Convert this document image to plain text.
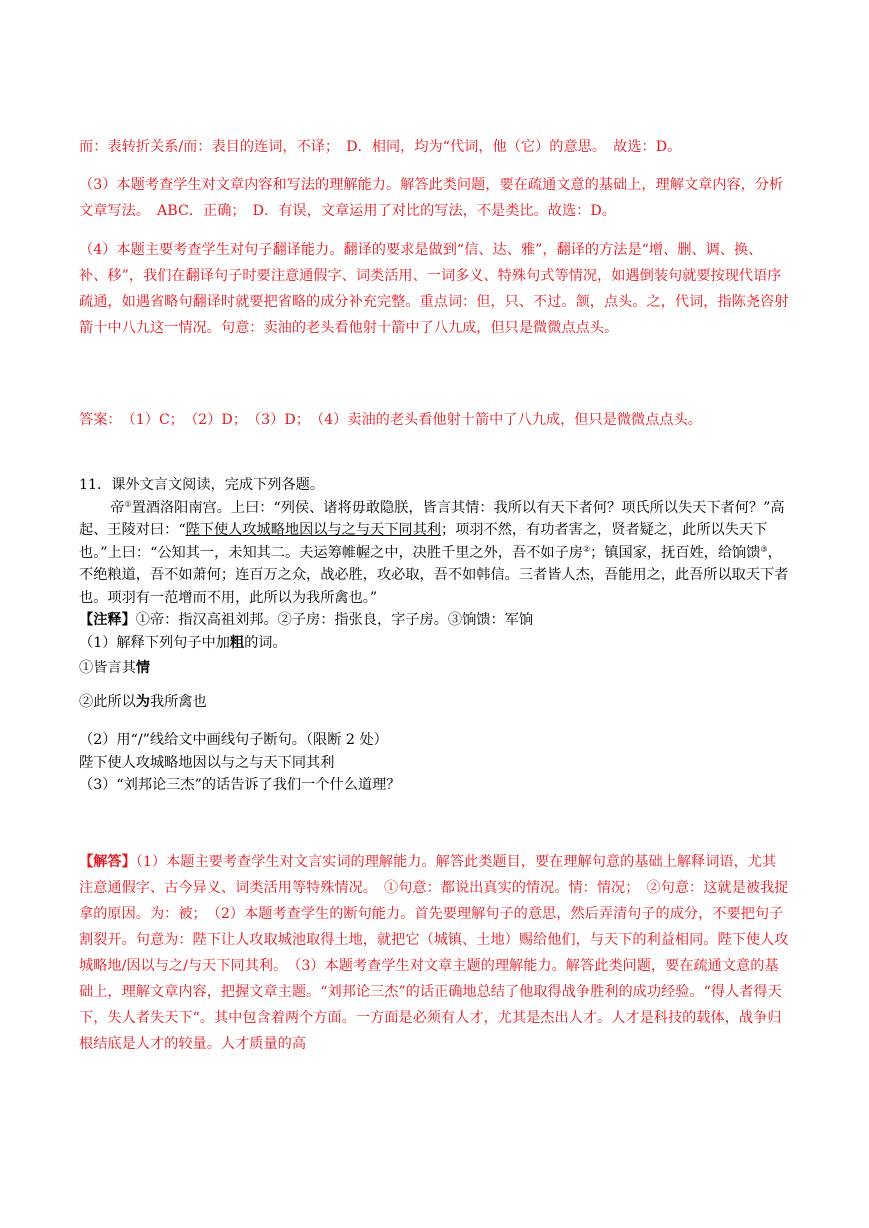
而：表转折关系/而：表目的连词，不译；　D．相同，均为“代词，他（它）的意思。　故选：D。

（3）本题考查学生对文章内容和写法的理解能力。解答此类问题，要在疏通文意的基础上，理解文章内容，分析文章写法。　ABC．正确；　D．有误，文章运用了对比的写法，不是类比。故选：D。

（4）本题主要考查学生对句子翻译能力。翻译的要求是做到“信、达、雅”，翻译的方法是“增、删、调、换、补、移”，我们在翻译句子时要注意通假字、词类活用、一词多义、特殊句式等情况，如遇倒装句就要按现代语序疏通，如遇省略句翻译时就要把省略的成分补充完整。重点词：但，只、不过。颔，点头。之，代词，指陈尧咨射箭十中八九这一情况。句意：卖油的老头看他射十箭中了八九成，但只是微微点点头。

答案：　（1）C；　（2）D；　（3）D；　（4）卖油的老头看他射十箭中了八九成，但只是微微点点头。

11．课外文言文阅读，完成下列各题。

帝①置酒洛阳南宫。上曰：“列侯、诸将毋敢隐朕，皆言其情：我所以有天下者何？项氏所以失天下者何？”高起、王陵对曰：“陛下使人攻城略地因以与之与天下同其利；项羽不然，有功者害之，贤者疑之，此所以失天下也。”上曰：“公知其一，未知其二。夫运筹帷幄之中，决胜千里之外，吾不如子房②；镇国家，抚百姓，给饷馈③，不绝粮道，吾不如萧何；连百万之众，战必胜，攻必取，吾不如韩信。三者皆人杰，吾能用之，此吾所以取天下者也。项羽有一范增而不用，此所以为我所禽也。”

【注释】①帝：指汉高祖刘邦。②子房：指张良，字子房。③饷馈：军饷

（1）解释下列句子中加粗的词。

①皆言其情

②此所以为我所禽也

（2）用“/”线给文中画线句子断句。（限断 2 处）

陛下使人攻城略地因以与之与天下同其利

（3）“刘邦论三杰”的话告诉了我们一个什么道理？

【解答】（1）本题主要考查学生对文言实词的理解能力。解答此类题目，要在理解句意的基础上解释词语，尤其注意通假字、古今异义、词类活用等特殊情况。　①句意：都说出真实的情况。情：情况；　②句意：这就是被我捉拿的原因。为：被；　（2）本题考查学生的断句能力。首先要理解句子的意思，然后弄清句子的成分，不要把句子割裂开。句意为：陛下让人攻取城池取得土地，就把它（城镇、土地）赐给他们，与天下的利益相同。陛下使人攻城略地/因以与之/与天下同其利。　（3）本题考查学生对文章主题的理解能力。解答此类问题，要在疏通文意的基础上，理解文章内容，把握文章主题。“刘邦论三杰”的话正确地总结了他取得战争胜利的成功经验。“得人者得天下，失人者失天下“。其中包含着两个方面。一方面是必须有人才，尤其是杰出人才。人才是科技的载体，战争归根结底是人才的较量。人才质量的高
